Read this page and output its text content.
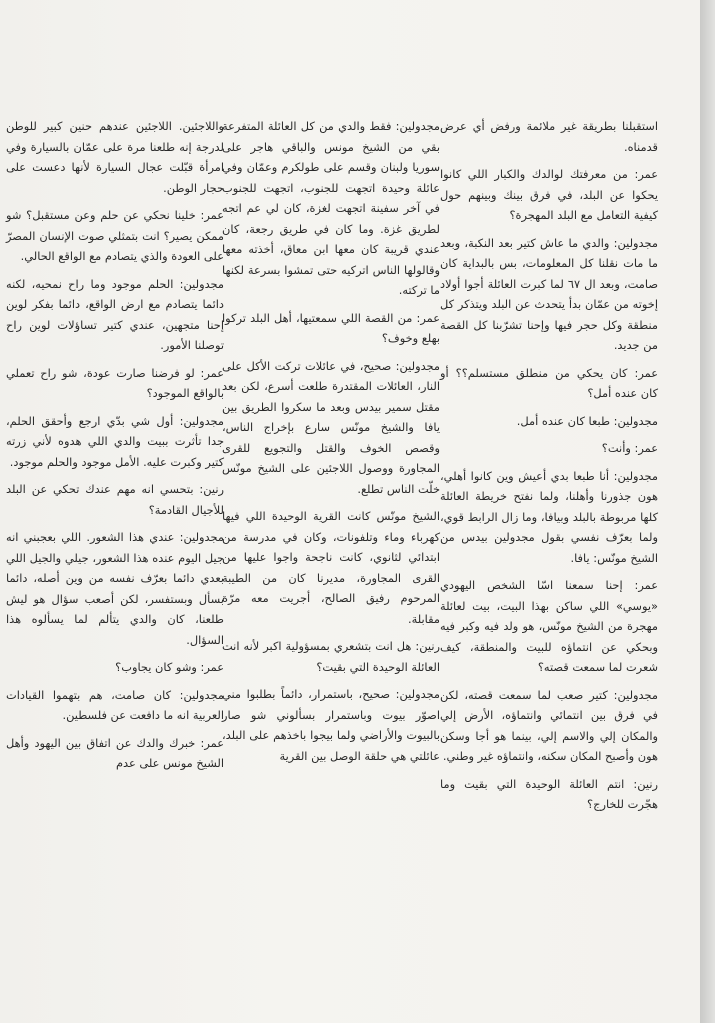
استقبلنا بطريقة غير ملائمة ورفض أي عرض قدمناه.

عمر: من معرفتك لوالدك والكبار اللي كانوا يحكوا عن البلد، في فرق بينك وبينهم حول كيفية التعامل مع البلد المهجرة؟

مجدولين: والدي ما عاش كتير بعد النكبة، وبعد ما مات نقلنا كل المعلومات، بس بالبداية كان صامت، وبعد ال ٦٧ لما كبرت العائلة أجوا أولاد إخوته من عمّان بدأ يتحدث عن البلد ويتذكر كل منطقة وكل حجر فيها وإحنا تشرّبنا كل القصة من جديد.

عمر: كان يحكي من منطلق مستسلم؟؟ أو كان عنده أمل؟

مجدولين: طبعا كان عنده أمل.

عمر: وأنت؟

مجدولين: أنا طبعا بدي أعيش وين كانوا أهلي، هون جذورنا وأهلنا، ولما نفتح خريطة العائلة كلها مربوطة بالبلد وبيافا، وما زال الرابط قوي، ولما بعرّف نفسي بقول مجدولين بيدس من الشيخ مونّس: يافا.

عمر: إحنا سمعنا اسّا الشخص اليهودي «يوسي» اللي ساكن بهذا البيت، بيت لعائلة مهجرة من الشيخ مونّس، هو ولد فيه وكبر فيه وبحكي عن انتماؤه للبيت والمنطقة، كيف شعرت لما سمعت قصته؟

مجدولين: كتير صعب لما سمعت قصته، لكن في فرق بين انتمائي وانتماؤه، الأرض إلي والمكان إلي والاسم إلي، بينما هو أجا وسكن هون وأصبح المكان سكنه، وانتماؤه غير وطني.

رنين: انتم العائلة الوحيدة التي بقيت وما هجّرت للخارج؟

مجدولين: فقط والدي من كل العائلة المتفرعة بقي من الشيخ مونس والباقي هاجر على سوريا ولبنان وقسم على طولكرم وعمّان وفي عائلة وحيدة اتجهت للجنوب، اتجهت للجنوب في آخر سفينة اتجهت لغزة، كان لي عم اتجه لطريق غزة. وما كان في طريق رجعة، كان عندي قريبة كان معها ابن معاق، أخذته معها وقالولها الناس اتركيه حتى تمشوا بسرعة لكنها ما تركته.

عمر: من القصة اللي سمعتيها، أهل البلد تركوا بهلع وخوف؟

مجدولين: صحيح، في عائلات تركت الأكل على النار، العائلات المقتدرة طلعت أسرع، لكن بعد مقتل سمير بيدس وبعد ما سكروا الطريق بين يافا والشيخ مونّس سارع بإخراج الناس، وقصص الخوف والقتل والتجويع للقرى المجاورة ووصول اللاجئين على الشيخ مونّس خلّت الناس تطلع.

الشيخ مونّس كانت القرية الوحيدة اللي فيها كهرباء وماء وتلفونات، وكان في مدرسة من ابتدائي لثانوي، كانت ناجحة واجوا عليها من القرى المجاورة، مديرنا كان من الطيبة المرحوم رفيق الصالح، أجريت معه مرّة مقابلة.

رنين: هل انت بتشعري بمسؤولية اكبر لأنه انت العائلة الوحيدة التي بقيت؟

مجدولين: صحيح، باستمرار، دائماً بطلبوا مني اصوّر بيوت وباستمرار بسألوني شو صار بالبيوت والأراضي ولما بيجوا باخذهم على البلد، عائلتي هي حلقة الوصل بين القرية

واللاجئين. اللاجئين عندهم حنين كبير للوطن لدرجة إنه طلعنا مرة على عمّان بالسيارة وفي امرأة قبّلت عجال السيارة لأنها دعست على حجار الوطن.

عمر: خلينا نحكي عن حلم وعن مستقبل؟ شو ممكن يصير؟ انت بتمثلي صوت الإنسان المصرّ على العودة والذي يتصادم مع الواقع الحالي.

مجدولين: الحلم موجود وما راح نمحيه، لكنه دائما يتصادم مع ارض الواقع، دائما بفكر لوين إحنا متجهين، عندي كتير تساؤلات لوين راح توصلنا الأمور.

عمر: لو فرضنا صارت عودة، شو راح تعملي بالواقع الموجود؟

مجدولين: أول شي بدّي ارجع وأحقق الحلم، جدا تأثرت ببيت والدي اللي هدوه لأني زرته كتير وكبرت عليه. الأمل موجود والحلم موجود.

رنين: بتحسي انه مهم عندك تحكي عن البلد للأجيال القادمة؟

مجدولين: عندي هذا الشعور. اللي بعجبني انه جيل اليوم عنده هذا الشعور، جيلي والجيل اللي بعدي دائما بعرّف نفسه من وين أصله، دائما بسأل وبستفسر، لكن أصعب سؤال هو ليش طلعنا، كان والدي يتألم لما يسألوه هذا السؤال.

عمر: وشو كان يجاوب؟

مجدولين: كان صامت، هم بتهموا القيادات العربية انه ما دافعت عن فلسطين.

عمر: خبرك والدك عن اتفاق بين اليهود وأهل الشيخ مونس على عدم
